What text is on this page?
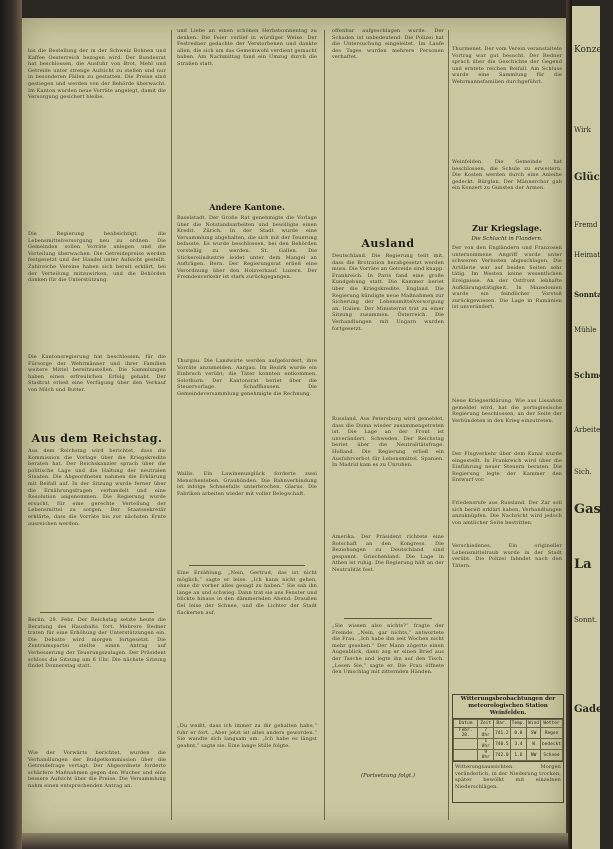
bis die Bestellung der in der Schweiz Bohnen und Kaffee Oesterreich bezogen wird. Der Bundesrat hat beschlossen, die Ausfuhr von Brot, Mehl und Getreide unter strenge Aufsicht zu stellen und nur in besonderen Fällen zu gestatten. Die Preise sind gestiegen und werden von der Behörde überwacht. Im Kanton wurden neue Vorräte angelegt, damit die Versorgung gesichert bleibe.
Die Regierung beabsichtigt, die Lebensmittelversorgung neu zu ordnen. Die Gemeinden sollen Vorräte anlegen und die Verteilung überwachen. Die Getreidepreise werden festgesetzt und der Handel unter Aufsicht gestellt. Zahlreiche Vereine haben sich bereit erklärt, bei der Verteilung mitzuwirken, und die Behörden danken für die Unterstützung.
Die Kantonsregierung hat beschlossen, für die Fürsorge der Wehrmänner und ihrer Familien weitere Mittel bereitzustellen. Die Sammlungen haben einen erfreulichen Erfolg gehabt. Der Stadtrat erließ eine Verfügung über den Verkauf von Milch und Butter.
Aus dem Reichstag.
Aus dem Reichstag wird berichtet, dass die Kommission die Vorlage über die Kriegskredite beraten hat. Der Reichskanzler sprach über die politische Lage und die Haltung der neutralen Staaten. Die Abgeordneten nahmen die Erklärung mit Beifall auf. In der Sitzung wurde ferner über die Ernährungsfragen verhandelt und eine Resolution angenommen. Die Regierung wurde ersucht, für eine gerechte Verteilung der Lebensmittel zu sorgen. Der Staatssekretär erklärte, dass die Vorräte bis zur nächsten Ernte ausreichen werden.
Berlin, 28. Febr. Der Reichstag setzte heute die Beratung des Haushalts fort. Mehrere Redner traten für eine Erhöhung der Unterstützungen ein. Die Debatte wird morgen fortgesetzt. Die Zentrumspartei stellte einen Antrag auf Verbesserung der Teuerungszulagen. Der Präsident schloss die Sitzung um 6 Uhr. Die nächste Sitzung findet Donnerstag statt.
Wie der Vorwärts berichtet, wurden die Verhandlungen der Budgetkommission über die Getreidefrage vertagt. Der Abgeordnete forderte schärfere Maßnahmen gegen den Wucher und eine bessere Aufsicht über die Preise. Die Versammlung nahm einen entsprechenden Antrag an.
und Liebe an einen schönen Herbstsonnentag zu denken. Die Feier verlief in würdiger Weise. Der Festredner gedachte der Verstorbenen und dankte allen, die sich um das Gemeinwohl verdient gemacht haben. Am Nachmittag fand ein Umzug durch die Straßen statt.
Andere Kantone.
Baselstadt. Der Große Rat genehmigte die Vorlage über die Notstandsarbeiten und bewilligte einen Kredit. Zürich. In der Stadt wurde eine Versammlung abgehalten, die sich mit der Teuerung befasste. Es wurde beschlossen, bei den Behörden vorstellig zu werden. St. Gallen. Die Stickereiindustrie leidet unter dem Mangel an Aufträgen. Bern. Der Regierungsrat erließ eine Verordnung über den Holzverkauf. Luzern. Der Fremdenverkehr ist stark zurückgegangen.
Thurgau. Die Landwirte werden aufgefordert, ihre Vorräte anzumelden. Aargau. Im Bezirk wurde ein Einbruch verübt; die Täter konnten entkommen. Solothurn. Der Kantonsrat beriet über die Steuervorlage. Schaffhausen. Die Gemeindeversammlung genehmigte die Rechnung.
Wallis. Ein Lawinenunglück forderte zwei Menschenleben. Graubünden. Die Bahnverbindung ist infolge Schneefalls unterbrochen. Glarus. Die Fabriken arbeiten wieder mit voller Belegschaft.
Eine Erzählung. „Nein, Gertrud, das ist nicht möglich,“ sagte er leise. „Ich kann nicht gehen, ohne dir vorher alles gesagt zu haben.“ Sie sah ihn lange an und schwieg. Dann trat sie ans Fenster und blickte hinaus in den dämmernden Abend. Draußen fiel leise der Schnee, und die Lichter der Stadt flackerten auf.
„Du weißt, dass ich immer zu dir gehalten habe,“ fuhr er fort. „Aber jetzt ist alles anders geworden.“ Sie wandte sich langsam um. „Ich habe es längst geahnt,“ sagte sie. Eine lange Stille folgte.
offenbar aufgeschlagen wurde. Der Schaden ist unbedeutend. Die Polizei hat die Untersuchung eingeleitet. Im Laufe des Tages wurden mehrere Personen verhaftet.
Ausland
Deutschland. Die Regierung teilt mit, dass die Brotration herabgesetzt werden muss. Die Vorräte an Getreide sind knapp. Frankreich. In Paris fand eine große Kundgebung statt. Die Kammer beriet über die Kriegskredite. England. Die Regierung kündigte neue Maßnahmen zur Sicherung der Lebensmittelversorgung an. Italien. Der Ministerrat trat zu einer Sitzung zusammen. Österreich. Die Verhandlungen mit Ungarn wurden fortgesetzt.
Russland. Aus Petersburg wird gemeldet, dass die Duma wieder zusammengetreten ist. Die Lage an der Front ist unverändert. Schweden. Der Reichstag beriet über die Neutralitätsfrage. Holland. Die Regierung erließ ein Ausfuhrverbot für Lebensmittel. Spanien. In Madrid kam es zu Unruhen.
Amerika. Der Präsident richtete eine Botschaft an den Kongress. Die Beziehungen zu Deutschland sind gespannt. Griechenland. Die Lage in Athen ist ruhig. Die Regierung hält an der Neutralität fest.
„Sie wissen also nichts?“ fragte der Fremde. „Nein, gar nichts,“ antwortete die Frau. „Ich habe ihn seit Wochen nicht mehr gesehen.“ Der Mann zögerte einen Augenblick, dann zog er einen Brief aus der Tasche und legte ihn auf den Tisch. „Lesen Sie,“ sagte er. Die Frau öffnete den Umschlag mit zitternden Händen.
(Fortsetzung folgt.)
Thurmenet. Der vom Verein veranstaltete Vortrag war gut besucht. Der Redner sprach über die Geschichte der Gegend und erntete reichen Beifall. Am Schluss wurde eine Sammlung für die Wehrmannsfamilien durchgeführt.
Weinfelden. Die Gemeinde hat beschlossen, die Schule zu erweitern. Die Kosten werden durch eine Anleihe gedeckt. Bürglen. Der Männerchor gab ein Konzert zu Gunsten der Armen.
Zur Kriegslage.
Die Schlacht in Flandern.
Der von den Engländern und Franzosen unternommene Angriff wurde unter schweren Verlusten abgeschlagen. Die Artillerie war auf beiden Seiten sehr tätig. Im Westen keine wesentlichen Ereignisse. An der Ostfront lebhafte Aufklärungstätigkeit. In Mazedonien wurde ein feindlicher Vorstoß zurückgewiesen. Die Lage in Rumänien ist unverändert.
Neue Kriegserklärung. Wie aus Lissabon gemeldet wird, hat die portugiesische Regierung beschlossen, an der Seite der Verbündeten in den Krieg einzutreten.
Der Flugverkehr über dem Kanal wurde eingestellt. In Frankreich wird über die Einführung neuer Steuern beraten. Die Regierung legte der Kammer den Entwurf vor.
Friedensrufe aus Russland. Der Zar soll sich bereit erklärt haben, Verhandlungen anzuknüpfen. Die Nachricht wird jedoch von amtlicher Seite bestritten.
Verschiedenes. Ein origineller Lebensmittelraub wurde in der Stadt verübt. Die Polizei fahndet nach den Tätern.
Witterungsbeobachtungen der meteorologischen Station Weinfelden.
Datum	Zeit	Bar.	Temp.	Wind	Wetter
Febr. 28.	7 Uhr	741.2	0.8	SW	Regen
	1 Uhr	740.5	3.4	W	bedeckt
	9 Uhr	742.0	1.6	NW	Schnee
Witterungsaussichten. Morgen veränderlich, in der Niederung trocken, später bewölkt mit einzelnen Niederschlägen.
Konzert
Wirk
Glück-
Fremd
Heimat
Sonntag
Mühle
Schmerz
Arbeiter
Sich.
Gast
La
Sonnt.
Gaden
